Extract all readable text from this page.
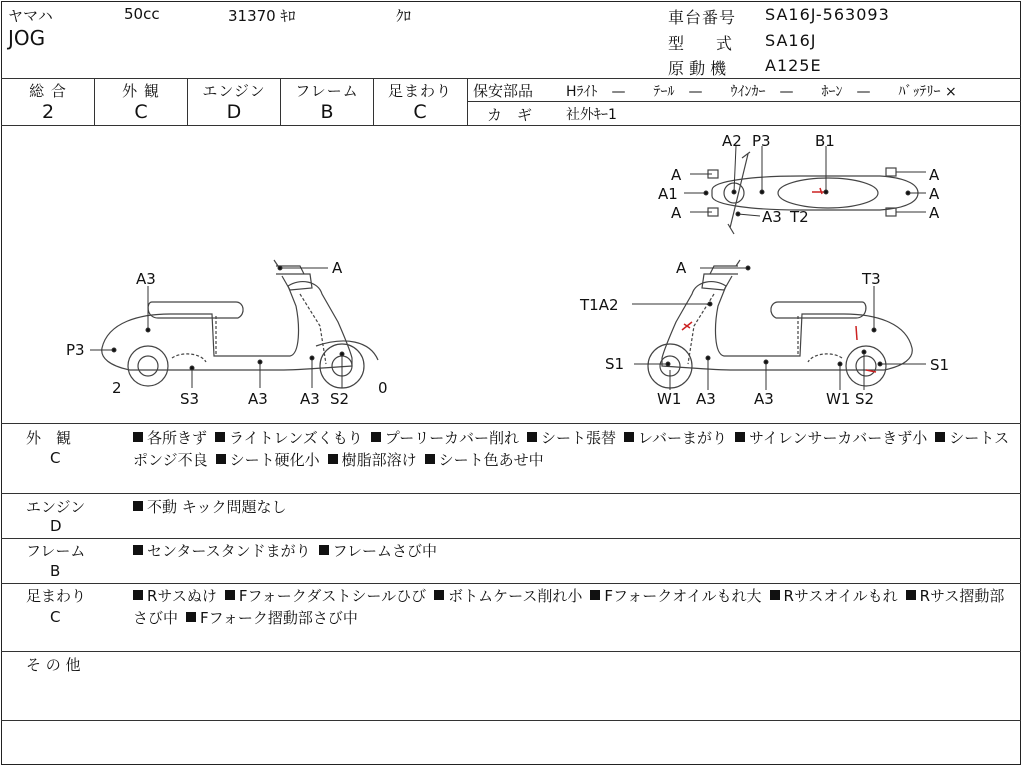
ヤマハ	50cc	31370 ｷﾛ	ｸﾛ
JOG
車台番号 SA16J-563093
型　　式 SA16J
原 動 機 A125E
総 合
2
外 観
C
エンジン
D
フレーム
B
足まわり
C
保安部品 Hﾗｲﾄ　—　　ﾃｰﾙ　—　　ｳｲﾝｶｰ　—　　ﾎｰﾝ　—　　ﾊﾞｯﾃﾘｰ ×
カ　ギ 社外ｷｰ1
A3
P3
2
S3	A3 A3 S2
0
A	A
T1A2
S1
W1 A3	A3	W1 S2
S1
T3
A2 P3	B1
A
A1
A	A3 T2
A
A
A
外　観
C
各所きず ライトレンズくもり プーリーカバー削れ シート張替 レバーまがり サイレンサーカバーきず小 シートスポンジ不良 シート硬化小 樹脂部溶け シート色あせ中
エンジン
D
不動 キック問題なし
フレーム
B
センタースタンドまがり フレームさび中
足まわり
C
Rサスぬけ Fフォークダストシールひび ボトムケース削れ小 Fフォークオイルもれ大 Rサスオイルもれ Rサス摺動部さび中 Fフォーク摺動部さび中
そ の 他
